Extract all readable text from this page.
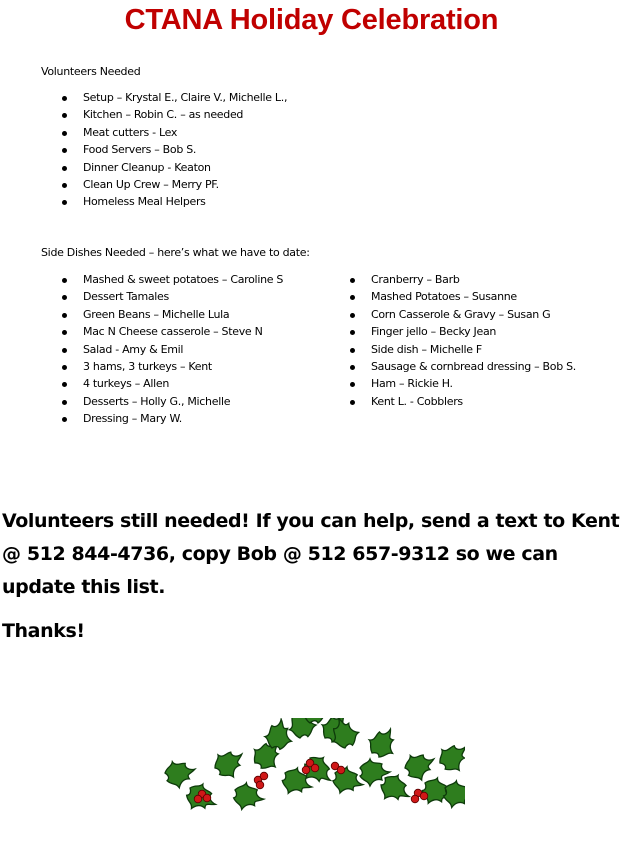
CTANA Holiday Celebration
Volunteers Needed
Setup – Krystal E., Claire V., Michelle L.,
Kitchen – Robin C. – as needed
Meat cutters - Lex
Food Servers – Bob S.
Dinner Cleanup - Keaton
Clean Up Crew – Merry PF.
Homeless Meal Helpers
Side Dishes Needed – here’s what we have to date:
Mashed & sweet potatoes – Caroline S
Dessert Tamales
Green Beans – Michelle Lula
Mac N Cheese casserole – Steve N
Salad - Amy & Emil
3 hams, 3 turkeys – Kent
4 turkeys – Allen
Desserts – Holly G., Michelle
Dressing – Mary W.
Cranberry – Barb
Mashed Potatoes – Susanne
Corn Casserole & Gravy – Susan G
Finger jello – Becky Jean
Side dish – Michelle F
Sausage & cornbread dressing – Bob S.
Ham – Rickie H.
Kent L. - Cobblers
Volunteers still needed! If you can help, send a text to Kent @ 512 844-4736, copy Bob @ 512 657-9312 so we can update this list.
Thanks!
